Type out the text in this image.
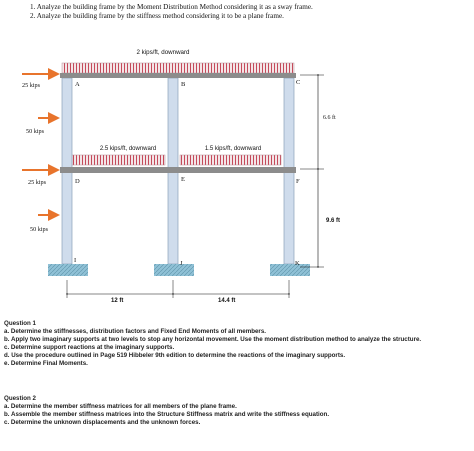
1. Analyze the building frame by the Moment Distribution Method considering it as a sway frame.
2. Analyze the building frame by the stiffness method considering it to be a plane frame.
2 kips/ft, downward
2.5 kips/ft, downward	1.5 kips/ft, downward
A	B	C
D	E	F
I	J	K
25 kips
50 kips
25 kips
50 kips
6.6 ft
9.6 ft
12 ft	14.4 ft
Question 1
a. Determine the stiffnesses, distribution factors and Fixed End Moments of all members.
b. Apply two imaginary supports at two levels to stop any horizontal movement. Use the moment distribution method to analyze the structure.
c. Determine support reactions at the imaginary supports.
d. Use the procedure outlined in Page 519 Hibbeler 9th edition to determine the reactions of the imaginary supports.
e. Determine Final Moments.
Question 2
a. Determine the member stiffness matrices for all members of the plane frame.
b. Assemble the member stiffness matrices into the Structure Stiffness matrix and write the stiffness equation.
c. Determine the unknown displacements and the unknown forces.
